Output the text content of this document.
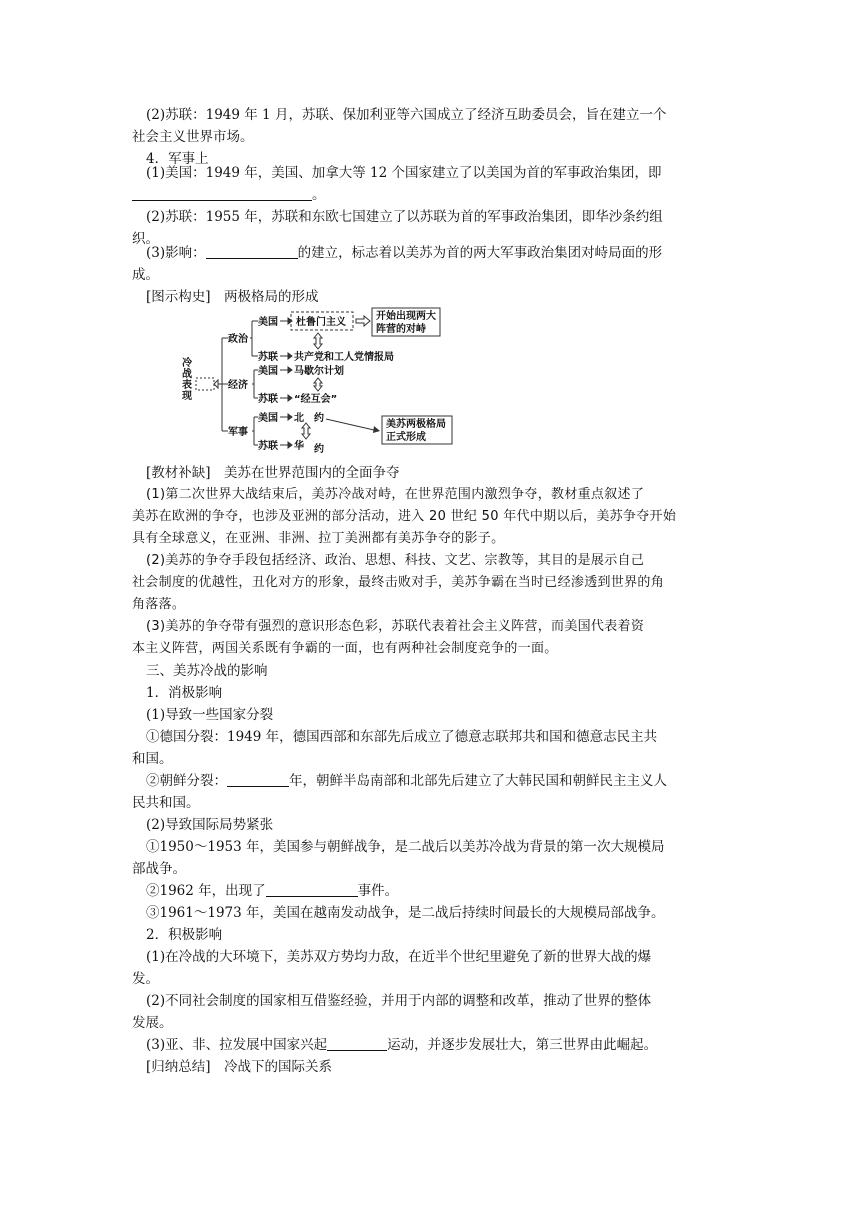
(2)苏联：1949 年 1 月，苏联、保加利亚等六国成立了经济互助委员会，旨在建立一个
社会主义世界市场。
4．军事上
(1)美国：1949 年，美国、加拿大等 12 个国家建立了以美国为首的军事政治集团，即
。
(2)苏联：1955 年，苏联和东欧七国建立了以苏联为首的军事政治集团，即华沙条约组
织。
(3)影响：	的建立，标志着以美苏为首的两大军事政治集团对峙局面的形
成。
[图示构史]　 两极格局的形成
冷
战
表
现
政治
经济
军事
美国
苏联
美国
苏联
美国
苏联
杜鲁门主义
共产党和工人党情报局
马歇尔计划
“经互会”
北 约
华 约
开始出现两大
阵营的对峙
美苏两极格局
正式形成
[教材补缺]　 美苏在世界范围内的全面争夺
(1)第二次世界大战结束后，美苏冷战对峙，在世界范围内激烈争夺，教材重点叙述了
美苏在欧洲的争夺，也涉及亚洲的部分活动，进入 20 世纪 50 年代中期以后，美苏争夺开始
具有全球意义，在亚洲、非洲、拉丁美洲都有美苏争夺的影子。
(2)美苏的争夺手段包括经济、政治、思想、科技、文艺、宗教等，其目的是展示自己
社会制度的优越性，丑化对方的形象，最终击败对手，美苏争霸在当时已经渗透到世界的角
角落落。
(3)美苏的争夺带有强烈的意识形态色彩，苏联代表着社会主义阵营，而美国代表着资
本主义阵营，两国关系既有争霸的一面，也有两种社会制度竞争的一面。
三、美苏冷战的影响
1．消极影响
(1)导致一些国家分裂
①德国分裂：1949 年，德国西部和东部先后成立了德意志联邦共和国和德意志民主共
和国。
②朝鲜分裂：	年，朝鲜半岛南部和北部先后建立了大韩民国和朝鲜民主主义人
民共和国。
(2)导致国际局势紧张
①1950～1953 年，美国参与朝鲜战争，是二战后以美苏冷战为背景的第一次大规模局
部战争。
②1962 年，出现了	事件。
③1961～1973 年，美国在越南发动战争，是二战后持续时间最长的大规模局部战争。
2．积极影响
(1)在冷战的大环境下，美苏双方势均力敌，在近半个世纪里避免了新的世界大战的爆
发。
(2)不同社会制度的国家相互借鉴经验，并用于内部的调整和改革，推动了世界的整体
发展。
(3)亚、非、拉发展中国家兴起	运动，并逐步发展壮大，第三世界由此崛起。
[归纳总结]　 冷战下的国际关系
